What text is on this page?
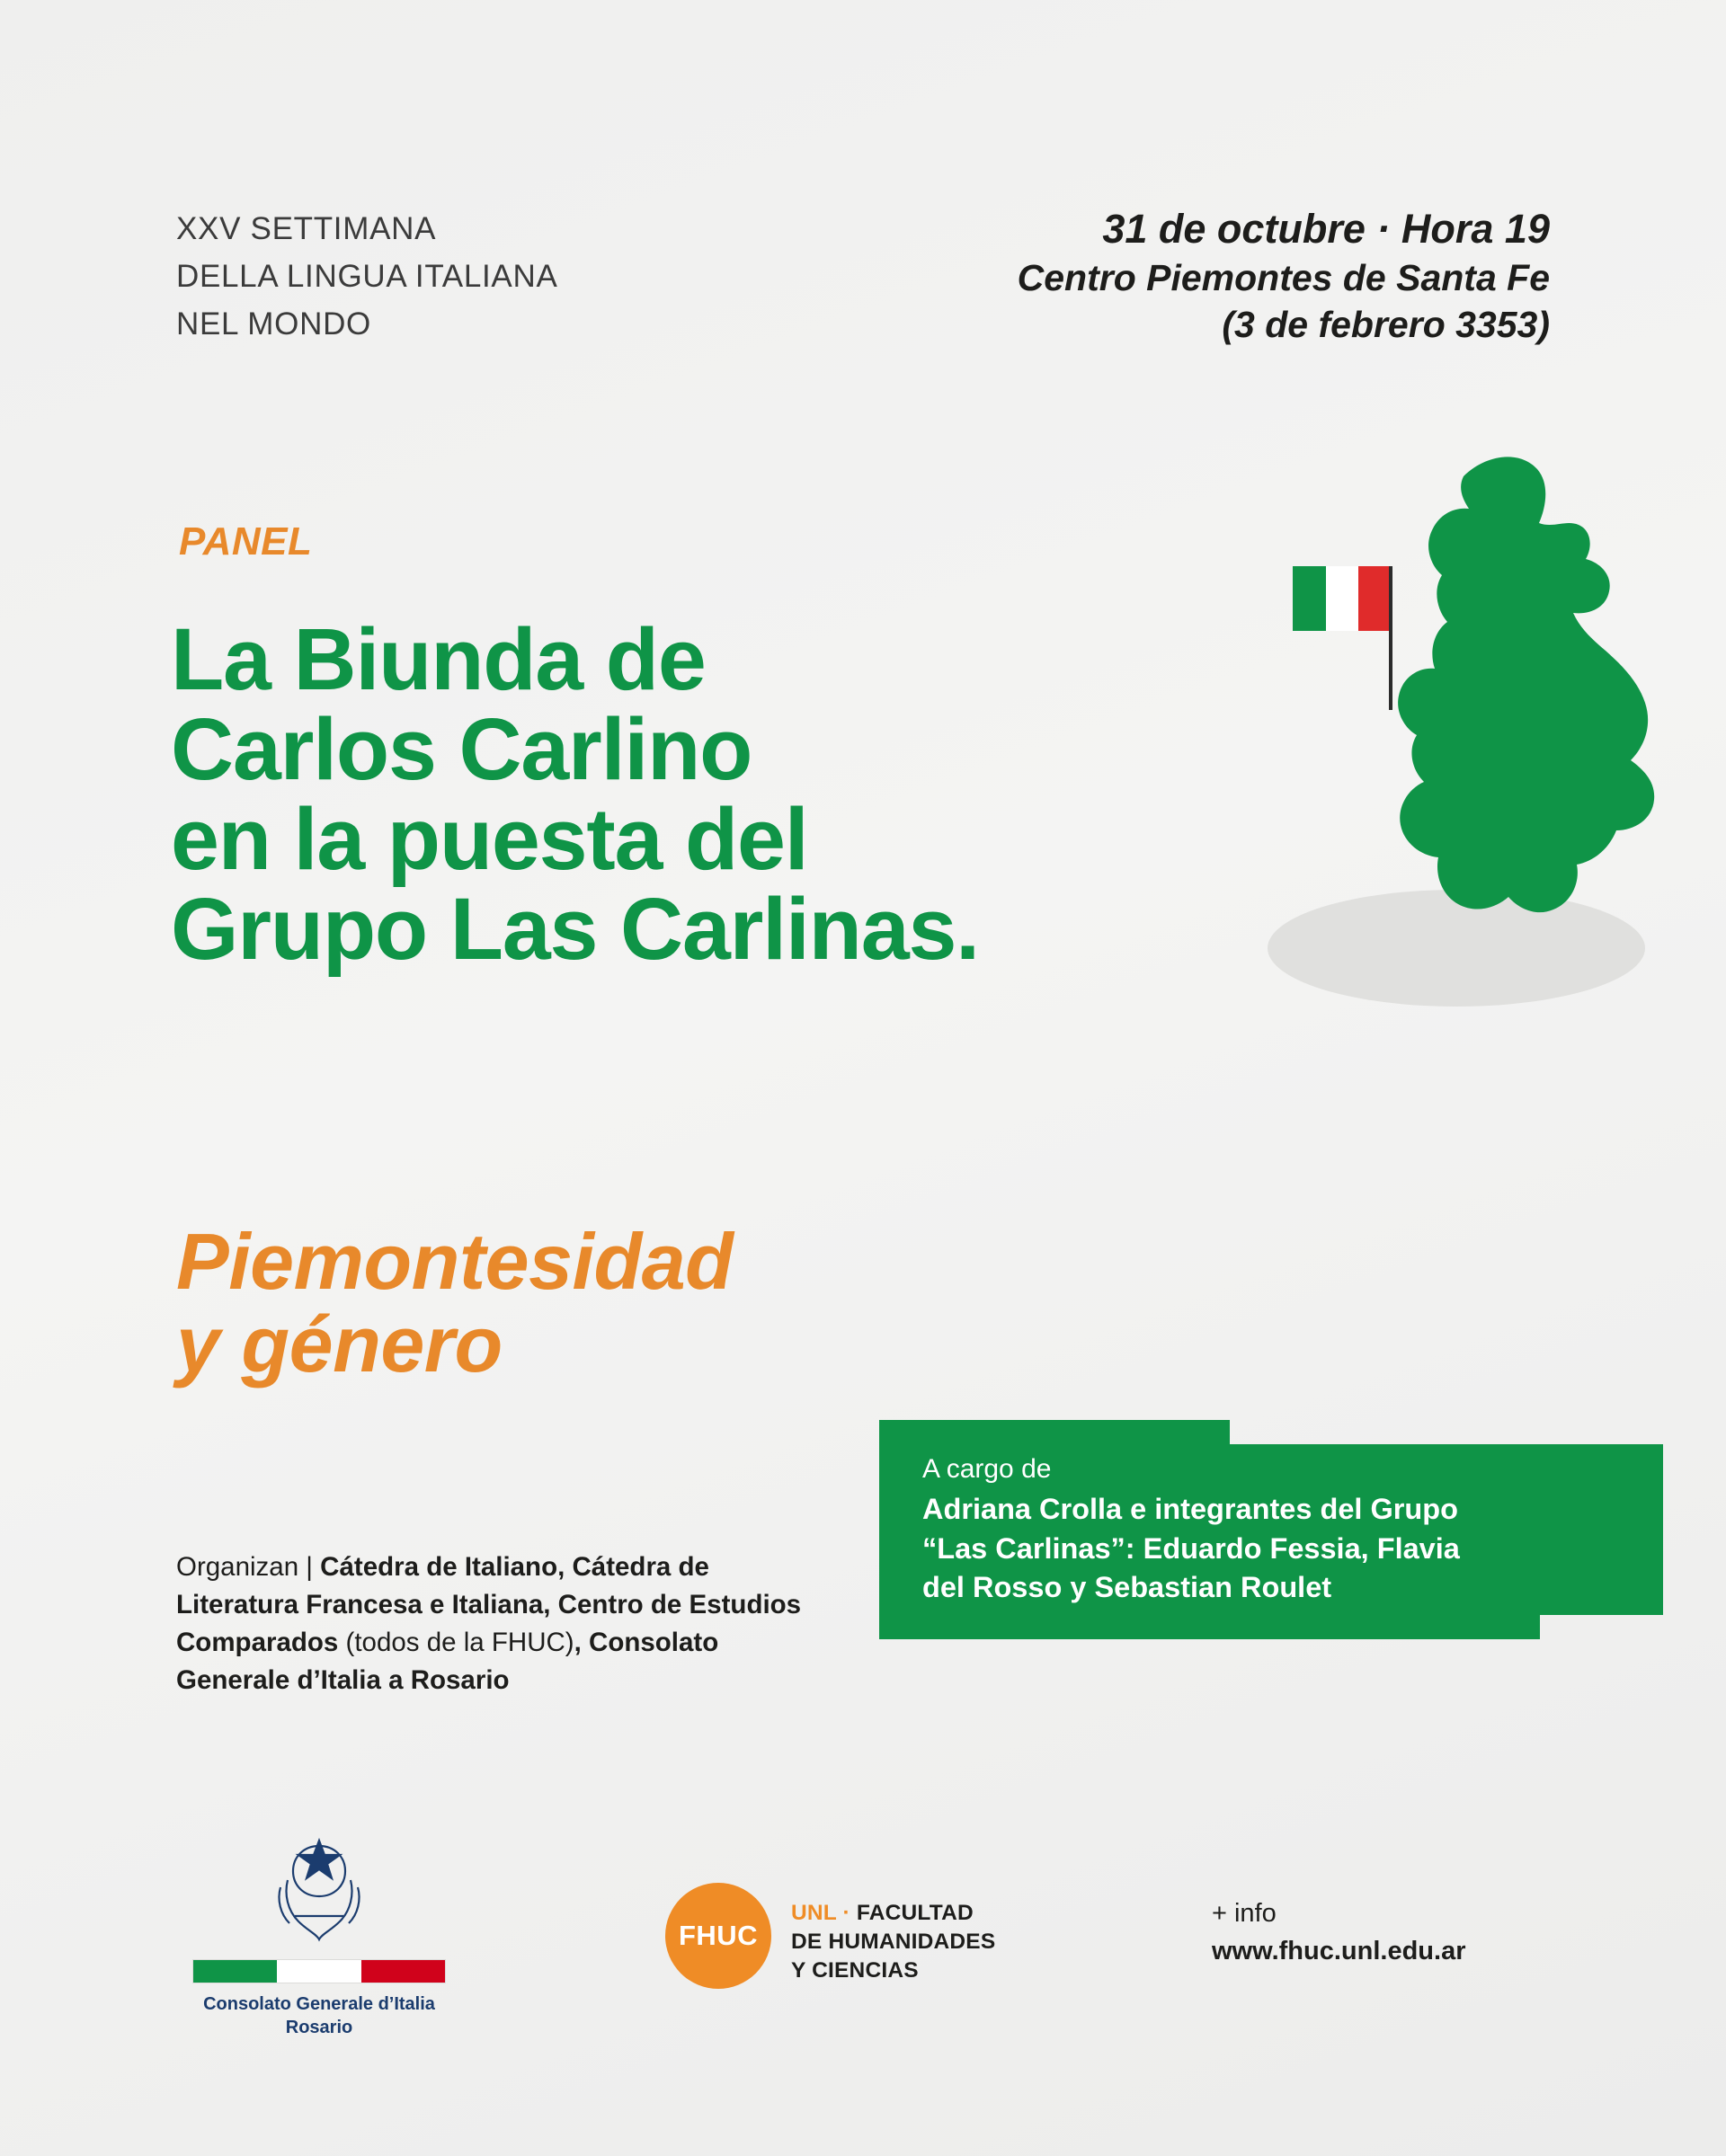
XXV SETTIMANA
DELLA LINGUA ITALIANA
NEL MONDO
31 de octubre · Hora 19
Centro Piemontes de Santa Fe
(3 de febrero 3353)
PANEL
La Biunda de
Carlos Carlino
en la puesta del
Grupo Las Carlinas.
Piemontesidad
y género
A cargo de
Adriana Crolla e integrantes del Grupo
“Las Carlinas”: Eduardo Fessia, Flavia
del Rosso y Sebastian Roulet
Organizan | Cátedra de Italiano, Cátedra de Literatura Francesa e Italiana, Centro de Estudios Comparados (todos de la FHUC), Consolato Generale d’Italia a Rosario
Consolato Generale d’Italia
Rosario
FHUC
UNL · FACULTAD
DE HUMANIDADES
Y CIENCIAS
+ info
www.fhuc.unl.edu.ar
